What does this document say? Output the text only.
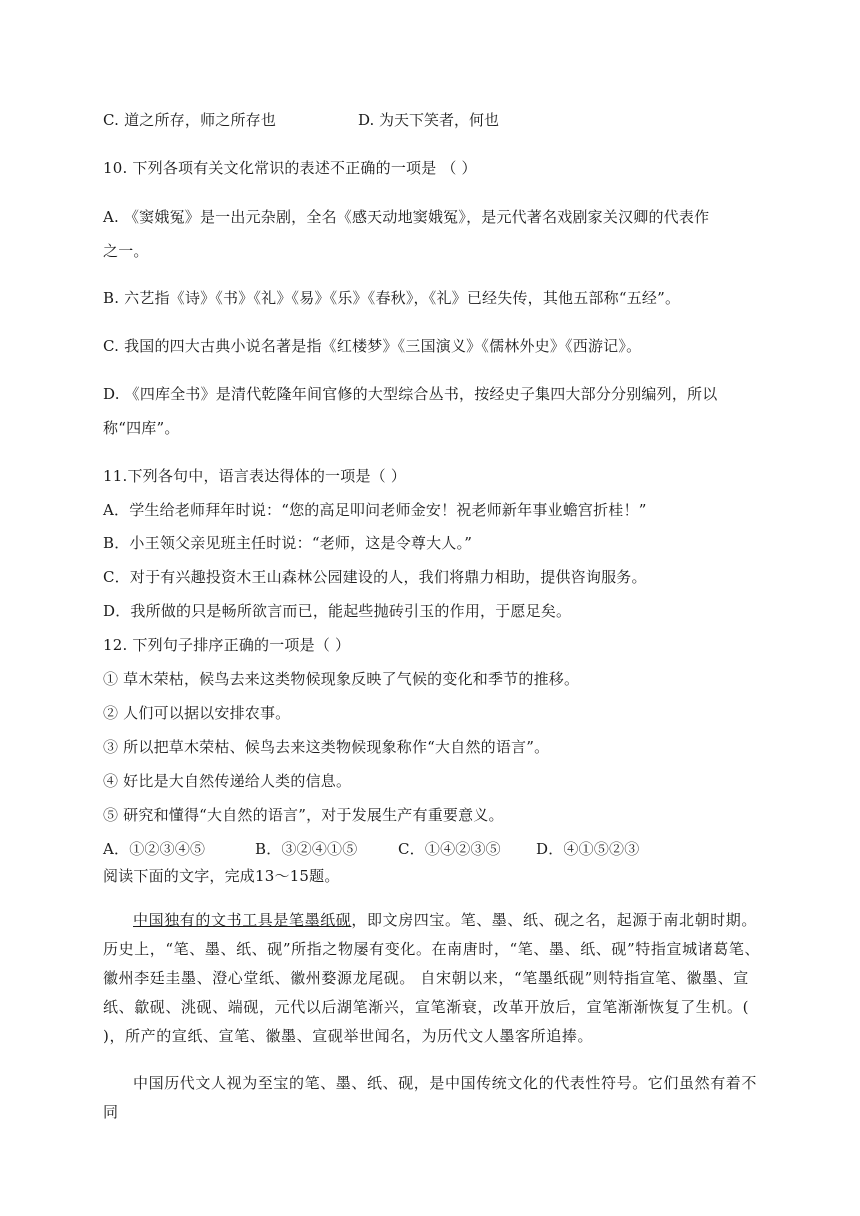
C. 道之所存，师之所存也	D. 为天下笑者，何也
10. 下列各项有关文化常识的表述不正确的一项是 （ ）
A. 《窦娥冤》是一出元杂剧，全名《感天动地窦娥冤》，是元代著名戏剧家关汉卿的代表作
之一。
B. 六艺指《诗》《书》《礼》《易》《乐》《春秋》，《礼》已经失传，其他五部称“五经”。
C. 我国的四大古典小说名著是指《红楼梦》《三国演义》《儒林外史》《西游记》。
D. 《四库全书》是清代乾隆年间官修的大型综合丛书，按经史子集四大部分分别编列，所以
称“四库”。
11.下列各句中，语言表达得体的一项是（ ）
A．学生给老师拜年时说：“您的高足叩问老师金安！祝老师新年事业蟾宫折桂！”
B．小王领父亲见班主任时说：“老师，这是令尊大人。”
C．对于有兴趣投资木王山森林公园建设的人，我们将鼎力相助，提供咨询服务。
D．我所做的只是畅所欲言而已，能起些抛砖引玉的作用，于愿足矣。
12. 下列句子排序正确的一项是（ ）
① 草木荣枯，候鸟去来这类物候现象反映了气候的变化和季节的推移。
② 人们可以据以安排农事。
③ 所以把草木荣枯、候鸟去来这类物候现象称作“大自然的语言”。
④ 好比是大自然传递给人类的信息。
⑤ 研究和懂得“大自然的语言”，对于发展生产有重要意义。
A．①②③④⑤	B．③②④①⑤	C．①④②③⑤ D．④①⑤②③
阅读下面的文字，完成13～15题。
中国独有的文书工具是笔墨纸砚，即文房四宝。笔、墨、纸、砚之名，起源于南北朝时期。历史上，“笔、墨、纸、砚”所指之物屡有变化。在南唐时，“笔、墨、纸、砚”特指宣城诸葛笔、徽州李廷圭墨、澄心堂纸、徽州婺源龙尾砚。 自宋朝以来，“笔墨纸砚”则特指宣笔、徽墨、宣纸、歙砚、洮砚、端砚，元代以后湖笔渐兴，宣笔渐衰，改革开放后，宣笔渐渐恢复了生机。( )，所产的宣纸、宣笔、徽墨、宣砚举世闻名，为历代文人墨客所追捧。
中国历代文人视为至宝的笔、墨、纸、砚，是中国传统文化的代表性符号。它们虽然有着不同
